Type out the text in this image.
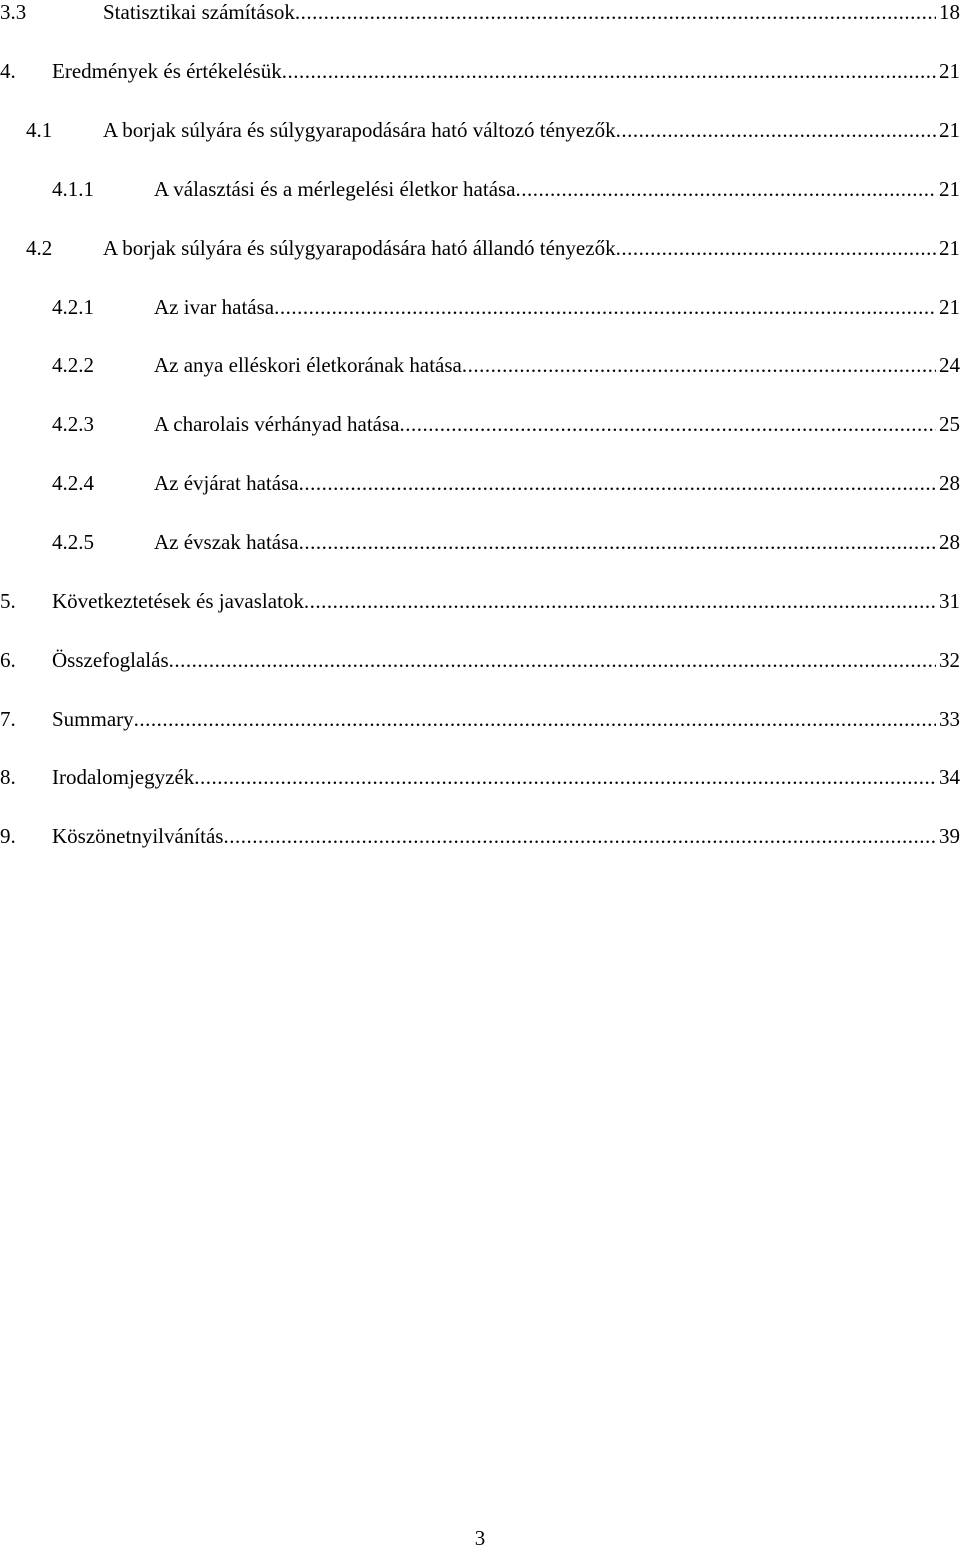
3.3	Statisztikai számítások .....	18
4. Eredmények és értékelésük .....	21
4.1 A borjak súlyára és súlygyarapodására ható változó tényezők .....	21
4.1.1	A választási és a mérlegelési életkor hatása .....	21
4.2 A borjak súlyára és súlygyarapodására ható állandó tényezők .....	21
4.2.1	Az ivar hatása .....	21
4.2.2	Az anya elléskori életkorának hatása .....	24
4.2.3	A charolais vérhányad hatása .....	25
4.2.4	Az évjárat hatása .....	28
4.2.5	Az évszak hatása .....	28
5. Következtetések és javaslatok .....	31
6. Összefoglalás .....	32
7. Summary .....	33
8. Irodalomjegyzék .....	34
9. Köszönetnyilvánítás .....	39
3
